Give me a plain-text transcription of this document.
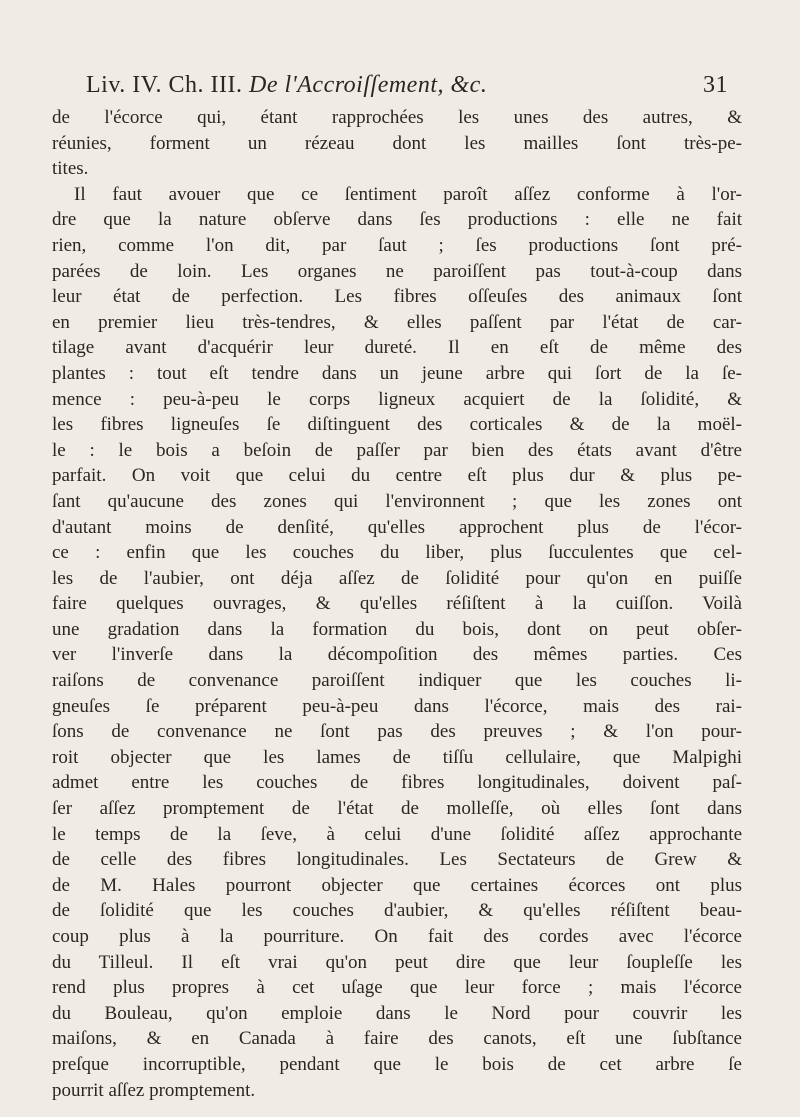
Liv. IV. Ch. III. De l'Accroiſſement, &c.	31
de l'écorce qui, étant rapprochées les unes des autres, &
réunies, forment un rézeau dont les mailles ſont très-pe-
tites.
Il faut avouer que ce ſentiment paroît aſſez conforme à l'or-
dre que la nature obſerve dans ſes productions : elle ne fait
rien, comme l'on dit, par ſaut ; ſes productions ſont pré-
parées de loin. Les organes ne paroiſſent pas tout-à-coup dans
leur état de perfection. Les fibres oſſeuſes des animaux ſont
en premier lieu très-tendres, & elles paſſent par l'état de car-
tilage avant d'acquérir leur dureté. Il en eſt de même des
plantes : tout eſt tendre dans un jeune arbre qui ſort de la ſe-
mence : peu-à-peu le corps ligneux acquiert de la ſolidité, &
les fibres ligneuſes ſe diſtinguent des corticales & de la moël-
le : le bois a beſoin de paſſer par bien des états avant d'être
parfait. On voit que celui du centre eſt plus dur & plus pe-
ſant qu'aucune des zones qui l'environnent ; que les zones ont
d'autant moins de denſité, qu'elles approchent plus de l'écor-
ce : enfin que les couches du liber, plus ſucculentes que cel-
les de l'aubier, ont déja aſſez de ſolidité pour qu'on en puiſſe
faire quelques ouvrages, & qu'elles réſiſtent à la cuiſſon. Voilà
une gradation dans la formation du bois, dont on peut obſer-
ver l'inverſe dans la décompoſition des mêmes parties. Ces
raiſons de convenance paroiſſent indiquer que les couches li-
gneuſes ſe préparent peu-à-peu dans l'écorce, mais des rai-
ſons de convenance ne ſont pas des preuves ; & l'on pour-
roit objecter que les lames de tiſſu cellulaire, que Malpighi
admet entre les couches de fibres longitudinales, doivent paſ-
ſer aſſez promptement de l'état de molleſſe, où elles ſont dans
le temps de la ſeve, à celui d'une ſolidité aſſez approchante
de celle des fibres longitudinales. Les Sectateurs de Grew &
de M. Hales pourront objecter que certaines écorces ont plus
de ſolidité que les couches d'aubier, & qu'elles réſiſtent beau-
coup plus à la pourriture. On fait des cordes avec l'écorce
du Tilleul. Il eſt vrai qu'on peut dire que leur ſoupleſſe les
rend plus propres à cet uſage que leur force ; mais l'écorce
du Bouleau, qu'on emploie dans le Nord pour couvrir les
maiſons, & en Canada à faire des canots, eſt une ſubſtance
preſque incorruptible, pendant que le bois de cet arbre ſe
pourrit aſſez promptement.
